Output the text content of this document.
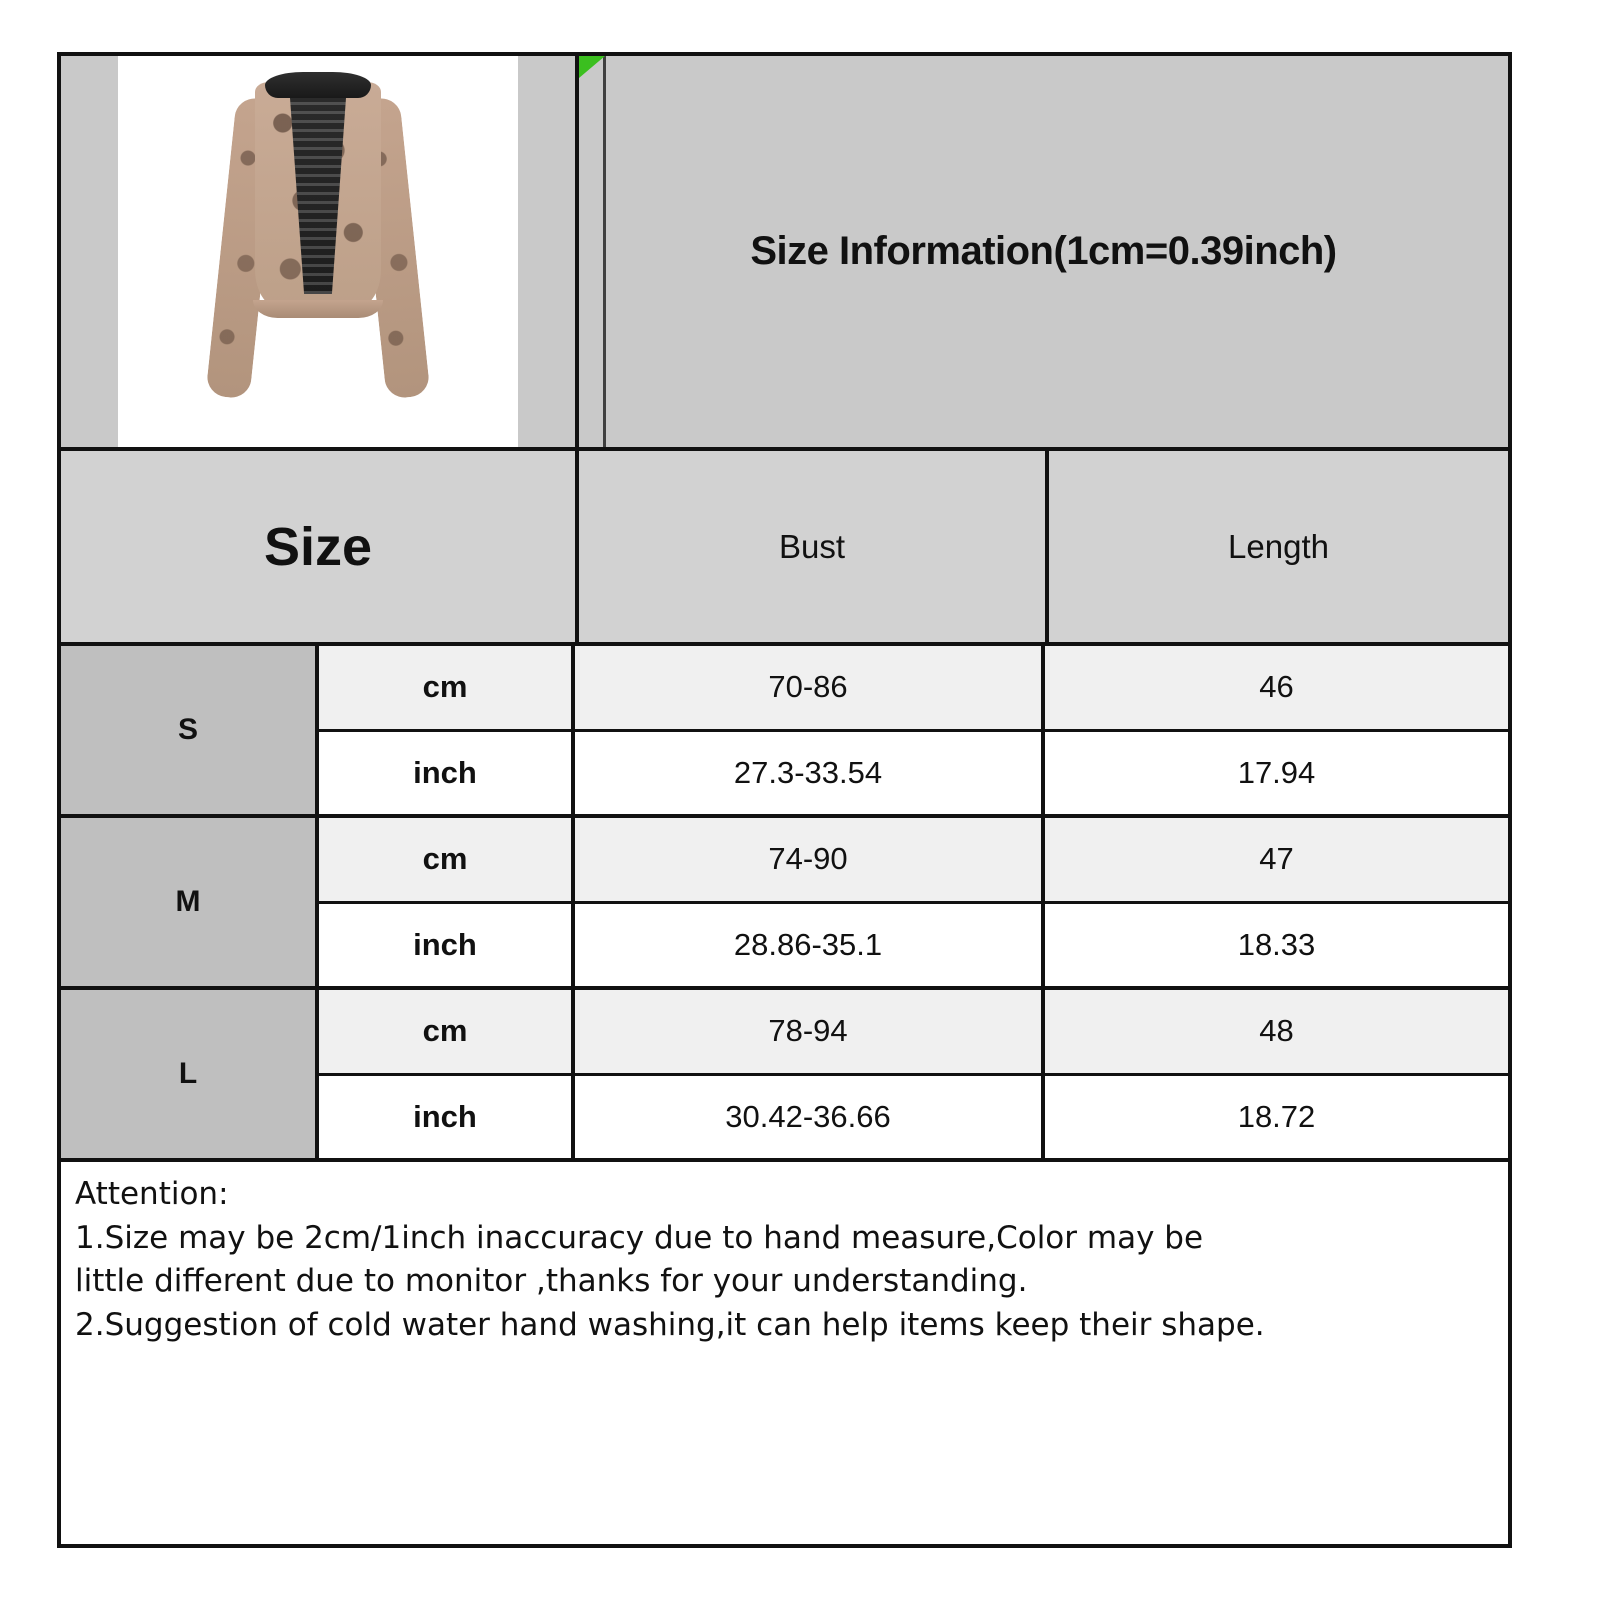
Size Information(1cm=0.39inch)
Size	Bust	Length
S
cm	70-86	46
inch	27.3-33.54	17.94
M
cm	74-90	47
inch	28.86-35.1	18.33
L
cm	78-94	48
inch	30.42-36.66	18.72

Attention:

1.Size may be 2cm/1inch inaccuracy due to hand measure,Color may be

little different due to monitor ,thanks for your understanding.

2.Suggestion of cold water hand washing,it can help items keep their shape.
